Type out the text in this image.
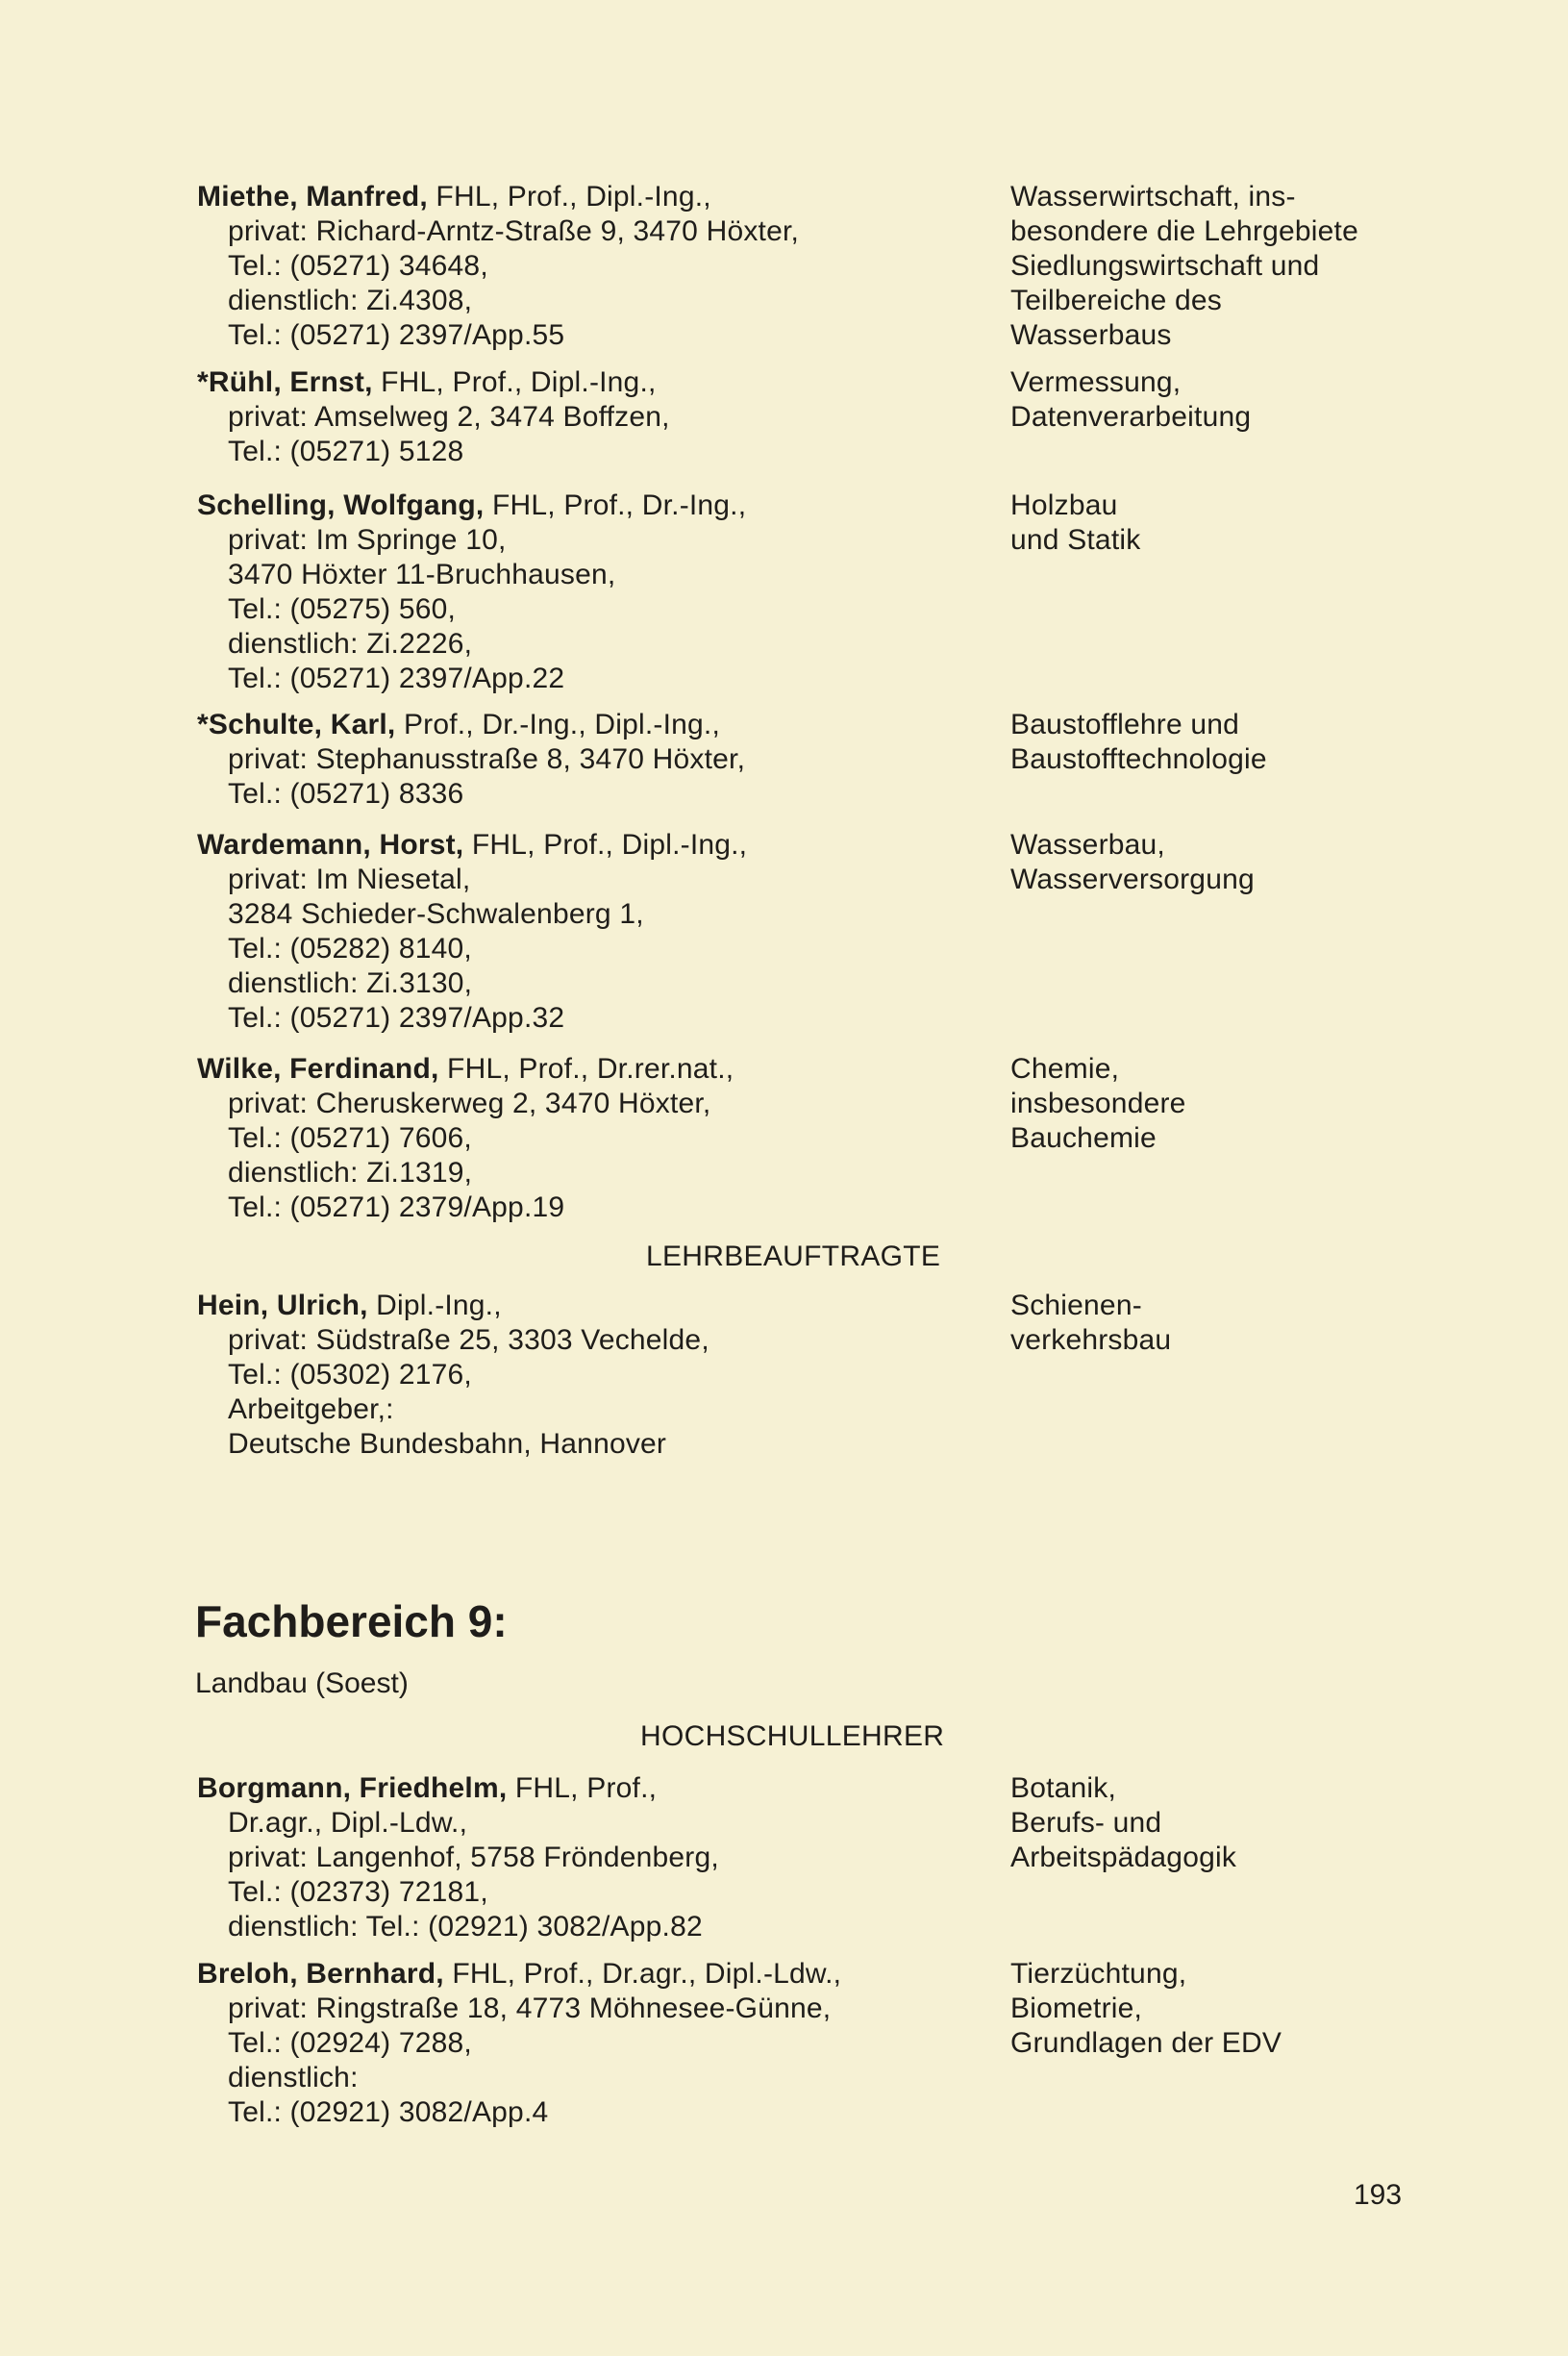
Miethe, Manfred, FHL, Prof., Dipl.-Ing.,
privat: Richard-Arntz-Straße 9, 3470 Höxter,
Tel.: (05271) 34648,
dienstlich: Zi.4308,
Tel.: (05271) 2397/App.55
Wasserwirtschaft, ins-
besondere die Lehrgebiete
Siedlungswirtschaft und
Teilbereiche des
Wasserbaus
*Rühl, Ernst, FHL, Prof., Dipl.-Ing.,
privat: Amselweg 2, 3474 Boffzen,
Tel.: (05271) 5128
Vermessung,
Datenverarbeitung
Schelling, Wolfgang, FHL, Prof., Dr.-Ing.,
privat: Im Springe 10,
3470 Höxter 11-Bruchhausen,
Tel.: (05275) 560,
dienstlich: Zi.2226,
Tel.: (05271) 2397/App.22
Holzbau
und Statik
*Schulte, Karl, Prof., Dr.-Ing., Dipl.-Ing.,
privat: Stephanusstraße 8, 3470 Höxter,
Tel.: (05271) 8336
Baustofflehre und
Baustofftechnologie
Wardemann, Horst, FHL, Prof., Dipl.-Ing.,
privat: Im Niesetal,
3284 Schieder-Schwalenberg 1,
Tel.: (05282) 8140,
dienstlich: Zi.3130,
Tel.: (05271) 2397/App.32
Wasserbau,
Wasserversorgung
Wilke, Ferdinand, FHL, Prof., Dr.rer.nat.,
privat: Cheruskerweg 2, 3470 Höxter,
Tel.: (05271) 7606,
dienstlich: Zi.1319,
Tel.: (05271) 2379/App.19
Chemie,
insbesondere
Bauchemie
LEHRBEAUFTRAGTE
Hein, Ulrich, Dipl.-Ing.,
privat: Südstraße 25, 3303 Vechelde,
Tel.: (05302) 2176,
Arbeitgeber,:
Deutsche Bundesbahn, Hannover
Schienen-
verkehrsbau
Fachbereich 9:
Landbau (Soest)
HOCHSCHULLEHRER
Borgmann, Friedhelm, FHL, Prof.,
Dr.agr., Dipl.-Ldw.,
privat: Langenhof, 5758 Fröndenberg,
Tel.: (02373) 72181,
dienstlich: Tel.: (02921) 3082/App.82
Botanik,
Berufs- und
Arbeitspädagogik
Breloh, Bernhard, FHL, Prof., Dr.agr., Dipl.-Ldw.,
privat: Ringstraße 18, 4773 Möhnesee-Günne,
Tel.: (02924) 7288,
dienstlich:
Tel.: (02921) 3082/App.4
Tierzüchtung,
Biometrie,
Grundlagen der EDV
193
